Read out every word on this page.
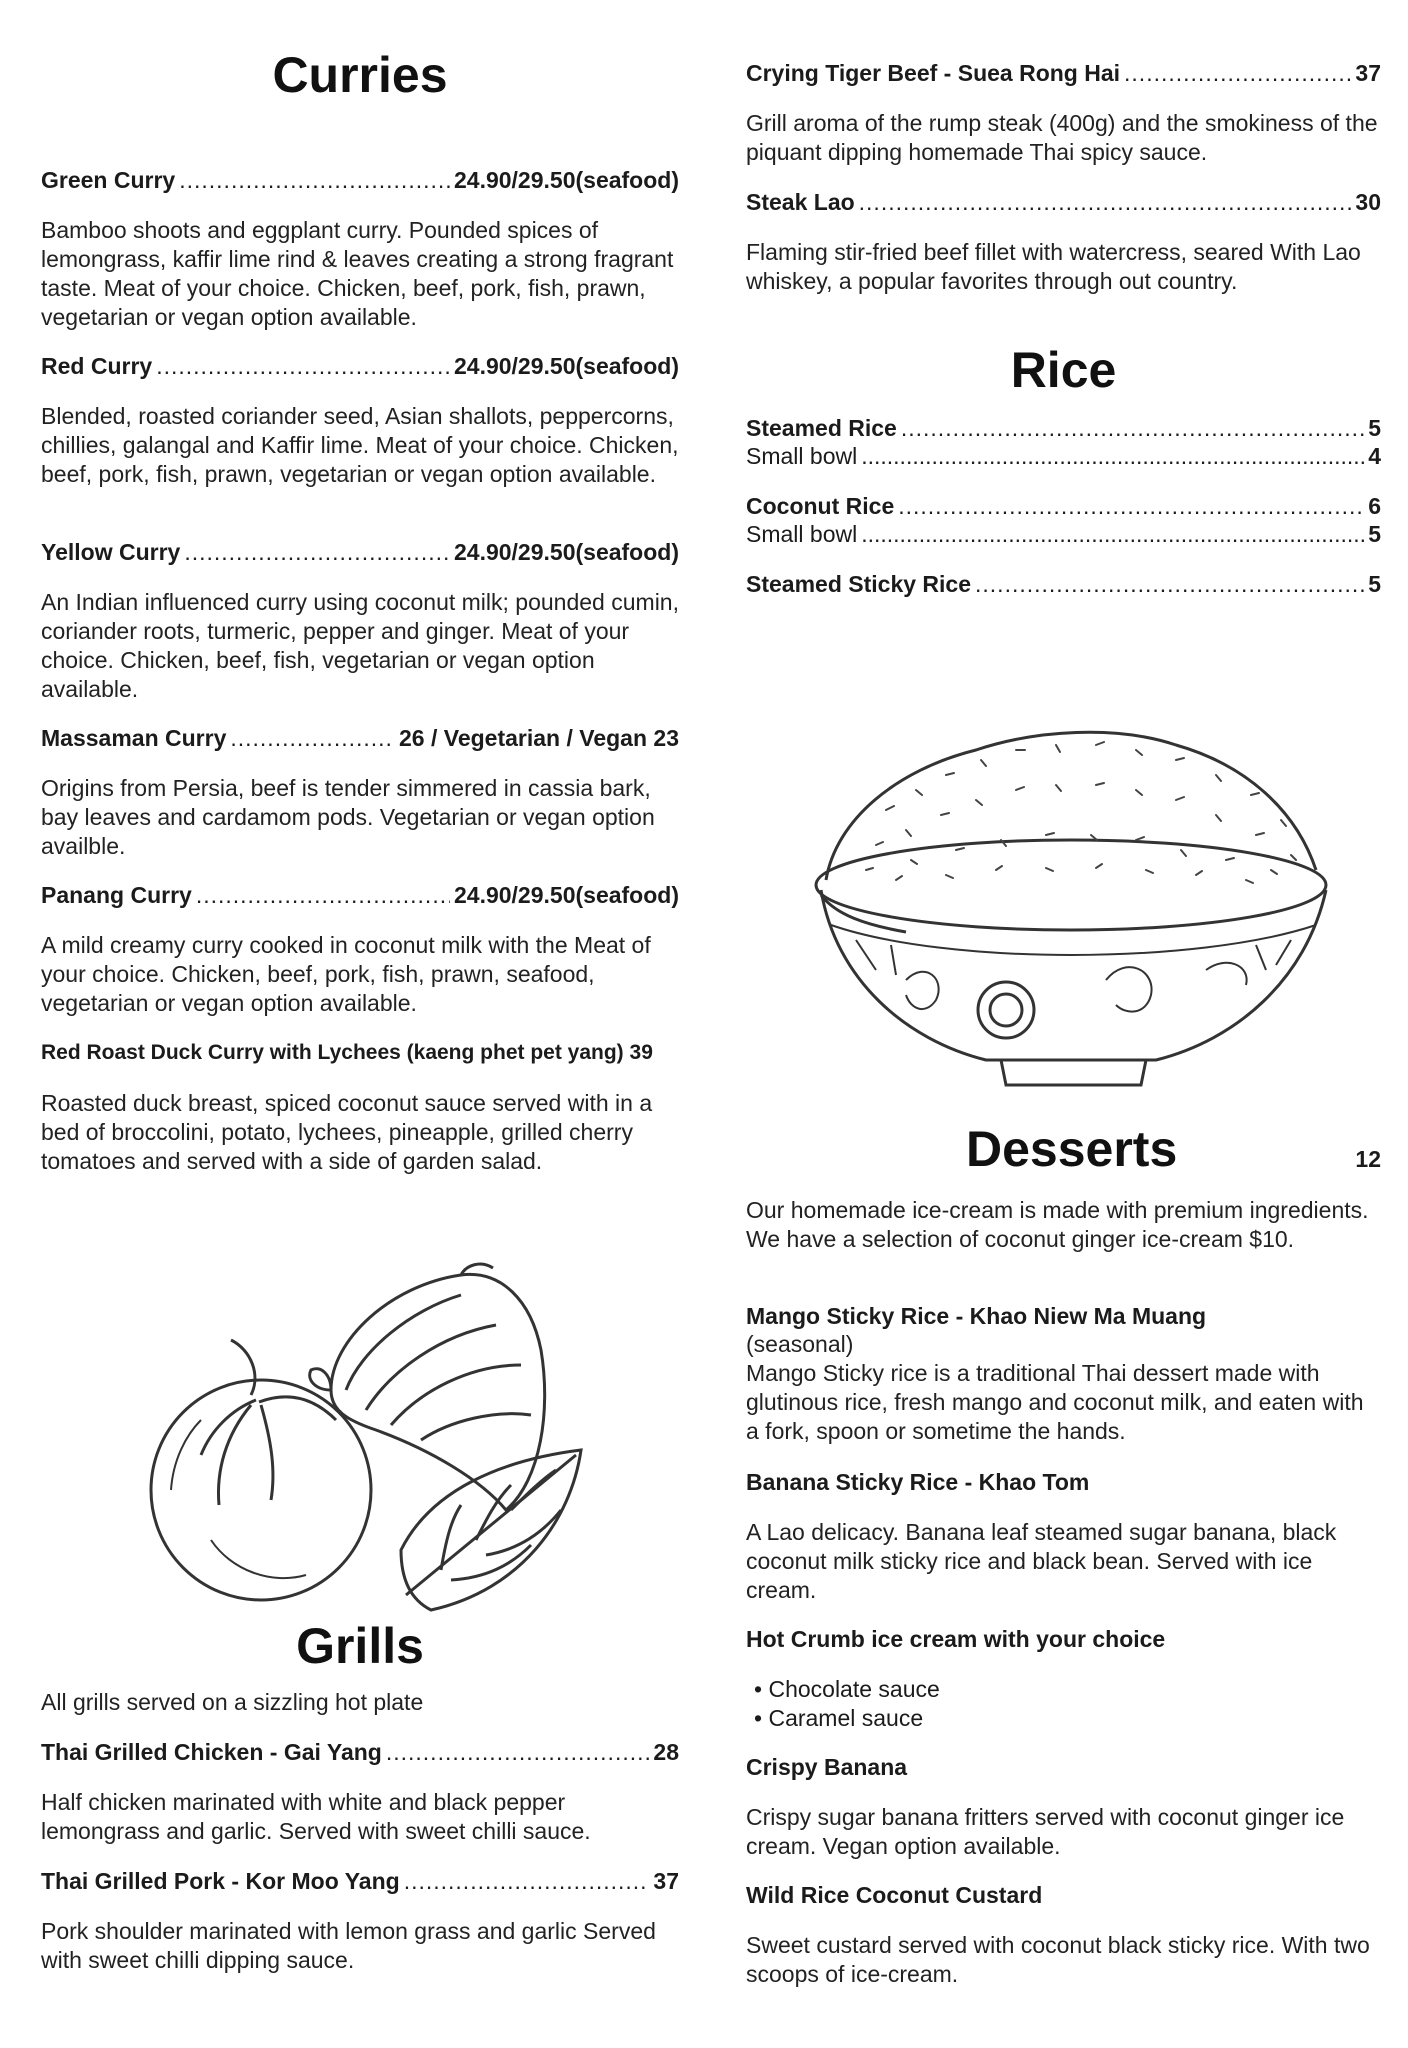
Curries
Green Curry .....	24.90/29.50(seafood)

Bamboo shoots and eggplant curry. Pounded spices of lemongrass, kaffir lime rind & leaves creating a strong fragrant taste. Meat of your choice. Chicken, beef, pork, fish, prawn, vegetarian or vegan option available.

Red Curry .....	24.90/29.50(seafood)

Blended, roasted coriander seed, Asian shallots, peppercorns, chillies, galangal and Kaffir lime. Meat of your choice. Chicken, beef, pork, fish, prawn, vegetarian or vegan option available.

Yellow Curry .....	24.90/29.50(seafood)

An Indian influenced curry using coconut milk; pounded cumin, coriander roots, turmeric, pepper and ginger. Meat of your choice. Chicken, beef, fish, vegetarian or vegan option available.

Massaman Curry .....	26 / Vegetarian / Vegan 23

Origins from Persia, beef is tender simmered in cassia bark, bay leaves and cardamom pods. Vegetarian or vegan option availble.

Panang Curry .....	24.90/29.50(seafood)

A mild creamy curry cooked in coconut milk with the Meat of your choice. Chicken, beef, pork, fish, prawn, seafood, vegetarian or vegan option available.

Red Roast Duck Curry with Lychees (kaeng phet pet yang) 39

Roasted duck breast, spiced coconut sauce served with in a bed of broccolini, potato, lychees, pineapple, grilled cherry tomatoes and served with a side of garden salad.

Grills

All grills served on a sizzling hot plate

Thai Grilled Chicken - Gai Yang .....	28

Half chicken marinated with white and black pepper lemongrass and garlic. Served with sweet chilli sauce.

Thai Grilled Pork - Kor Moo Yang .....	37

Pork shoulder marinated with lemon grass and garlic Served with sweet chilli dipping sauce.

Crying Tiger Beef - Suea Rong Hai .....	37

Grill aroma of the rump steak (400g) and the smokiness of the piquant dipping homemade Thai spicy sauce.

Steak Lao .....	30

Flaming stir-fried beef fillet with watercress, seared With Lao whiskey, a popular favorites through out country.

Rice
Steamed Rice .....	5
Small bowl .....	4
Coconut Rice .....	6
Small bowl .....	5
Steamed Sticky Rice .....	5
Desserts	12

Our homemade ice-cream is made with premium ingredients. We have a selection of coconut ginger ice-cream $10.

Mango Sticky Rice - Khao Niew Ma Muang

(seasonal)

Mango Sticky rice is a traditional Thai dessert made with glutinous rice, fresh mango and coconut milk, and eaten with a fork, spoon or sometime the hands.

Banana Sticky Rice - Khao Tom

A Lao delicacy. Banana leaf steamed sugar banana, black coconut milk sticky rice and black bean. Served with ice cream.

Hot Crumb ice cream with your choice
• Chocolate sauce
• Caramel sauce
Crispy Banana

Crispy sugar banana fritters served with coconut ginger ice cream. Vegan option available.

Wild Rice Coconut Custard

Sweet custard served with coconut black sticky rice. With two scoops of ice-cream.
